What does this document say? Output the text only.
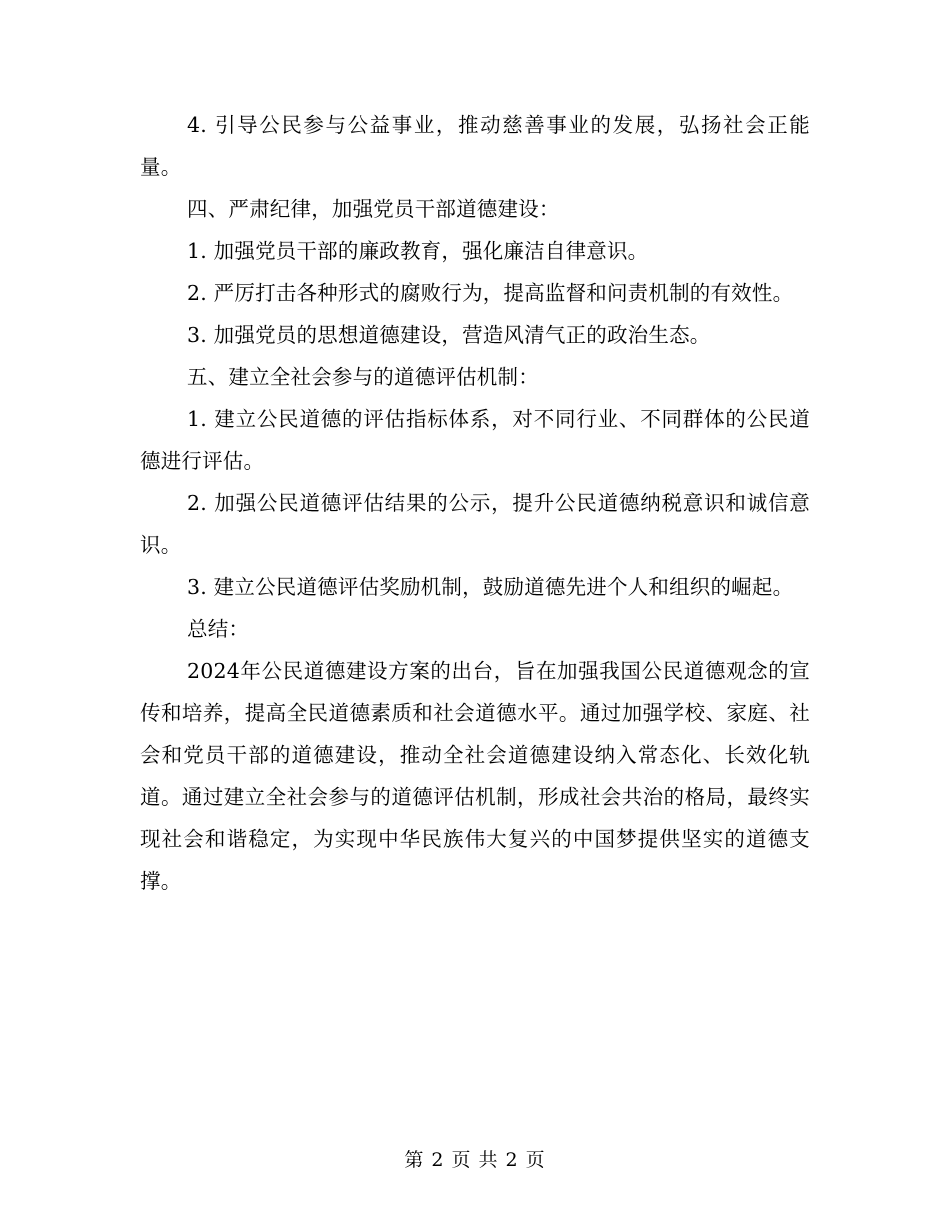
4. 引导公民参与公益事业，推动慈善事业的发展，弘扬社会正能量。

四、严肃纪律，加强党员干部道德建设：

1. 加强党员干部的廉政教育，强化廉洁自律意识。

2. 严厉打击各种形式的腐败行为，提高监督和问责机制的有效性。

3. 加强党员的思想道德建设，营造风清气正的政治生态。

五、建立全社会参与的道德评估机制：

1. 建立公民道德的评估指标体系，对不同行业、不同群体的公民道德进行评估。

2. 加强公民道德评估结果的公示，提升公民道德纳税意识和诚信意识。

3. 建立公民道德评估奖励机制，鼓励道德先进个人和组织的崛起。

总结：

2024年公民道德建设方案的出台，旨在加强我国公民道德观念的宣传和培养，提高全民道德素质和社会道德水平。通过加强学校、家庭、社会和党员干部的道德建设，推动全社会道德建设纳入常态化、长效化轨道。通过建立全社会参与的道德评估机制，形成社会共治的格局，最终实现社会和谐稳定，为实现中华民族伟大复兴的中国梦提供坚实的道德支撑。

第 2 页 共 2 页
